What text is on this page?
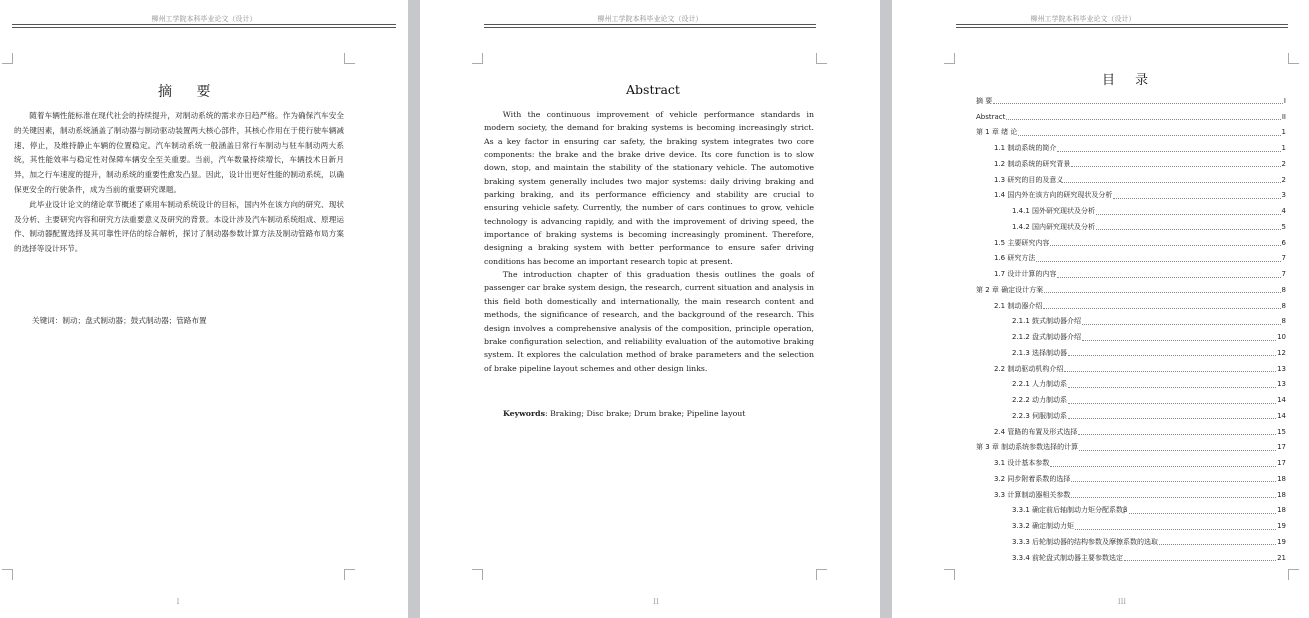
柳州工学院本科毕业论文（设计）
摘 要

随着车辆性能标准在现代社会的持续提升，对制动系统的需求亦日趋严格。作为确保汽车安全的关键因素，制动系统涵盖了制动器与制动驱动装置两大核心部件，其核心作用在于使行驶车辆减速、停止，及维持静止车辆的位置稳定。汽车制动系统一般涵盖日常行车制动与驻车制动两大系统，其性能效率与稳定性对保障车辆安全至关重要。当前，汽车数量持续增长，车辆技术日新月异，加之行车速度的提升，制动系统的重要性愈发凸显。因此，设计出更好性能的制动系统，以确保更安全的行驶条件，成为当前的重要研究课题。

此毕业设计论文的绪论章节概述了乘用车制动系统设计的目标，国内外在该方向的研究、现状及分析、主要研究内容和研究方法重要意义及研究的背景。本设计涉及汽车制动系统组成、原理运作、制动器配置选择及其可靠性评估的综合解析，探讨了制动器参数计算方法及制动管路布局方案的选择等设计环节。

关键词：制动；盘式制动器；鼓式制动器；管路布置
I
柳州工学院本科毕业论文（设计）
Abstract

With the continuous improvement of vehicle performance standards in modern society, the demand for braking systems is becoming increasingly strict. As a key factor in ensuring car safety, the braking system integrates two core components: the brake and the brake drive device. Its core function is to slow down, stop, and maintain the stability of the stationary vehicle. The automotive braking system generally includes two major systems: daily driving braking and parking braking, and its performance efficiency and stability are crucial to ensuring vehicle safety. Currently, the number of cars continues to grow, vehicle technology is advancing rapidly, and with the improvement of driving speed, the importance of braking systems is becoming increasingly prominent. Therefore, designing a braking system with better performance to ensure safer driving conditions has become an important research topic at present.

The introduction chapter of this graduation thesis outlines the goals of passenger car brake system design, the research, current situation and analysis in this field both domestically and internationally, the main research content and methods, the significance of research, and the background of the research. This design involves a comprehensive analysis of the composition, principle operation, brake configuration selection, and reliability evaluation of the automotive braking system. It explores the calculation method of brake parameters and the selection of brake pipeline layout schemes and other design links.

Keywords: Braking; Disc brake; Drum brake; Pipeline layout
II
柳州工学院本科毕业论文（设计）
目 录
摘 要	I
Abstract	II
第 1 章 绪 论	1
1.1 制动系统的简介	1
1.2 制动系统的研究背景	2
1.3 研究的目的及意义	2
1.4 国内外在该方向的研究现状及分析	3
1.4.1 国外研究现状及分析	4
1.4.2 国内研究现状及分析	5
1.5 主要研究内容	6
1.6 研究方法	7
1.7 设计计算的内容	7
第 2 章 确定设计方案	8
2.1 制动器介绍	8
2.1.1 鼓式制动器介绍	8
2.1.2 盘式制动器介绍	10
2.1.3 选择制动器	12
2.2 制动驱动机构介绍	13
2.2.1 人力制动系	13
2.2.2 动力制动系	14
2.2.3 伺服制动系	14
2.4 管路的布置及形式选择	15
第 3 章 制动系统参数选择的计算	17
3.1 设计基本参数	17
3.2 同步附着系数的选择	18
3.3 计算制动器相关参数	18
3.3.1 确定前后轴制动力矩分配系数β	18
3.3.2 确定制动力矩	19
3.3.3 后轮制动器的结构参数及摩擦系数的选取	19
3.3.4 前轮盘式制动器主要参数选定	21
III
